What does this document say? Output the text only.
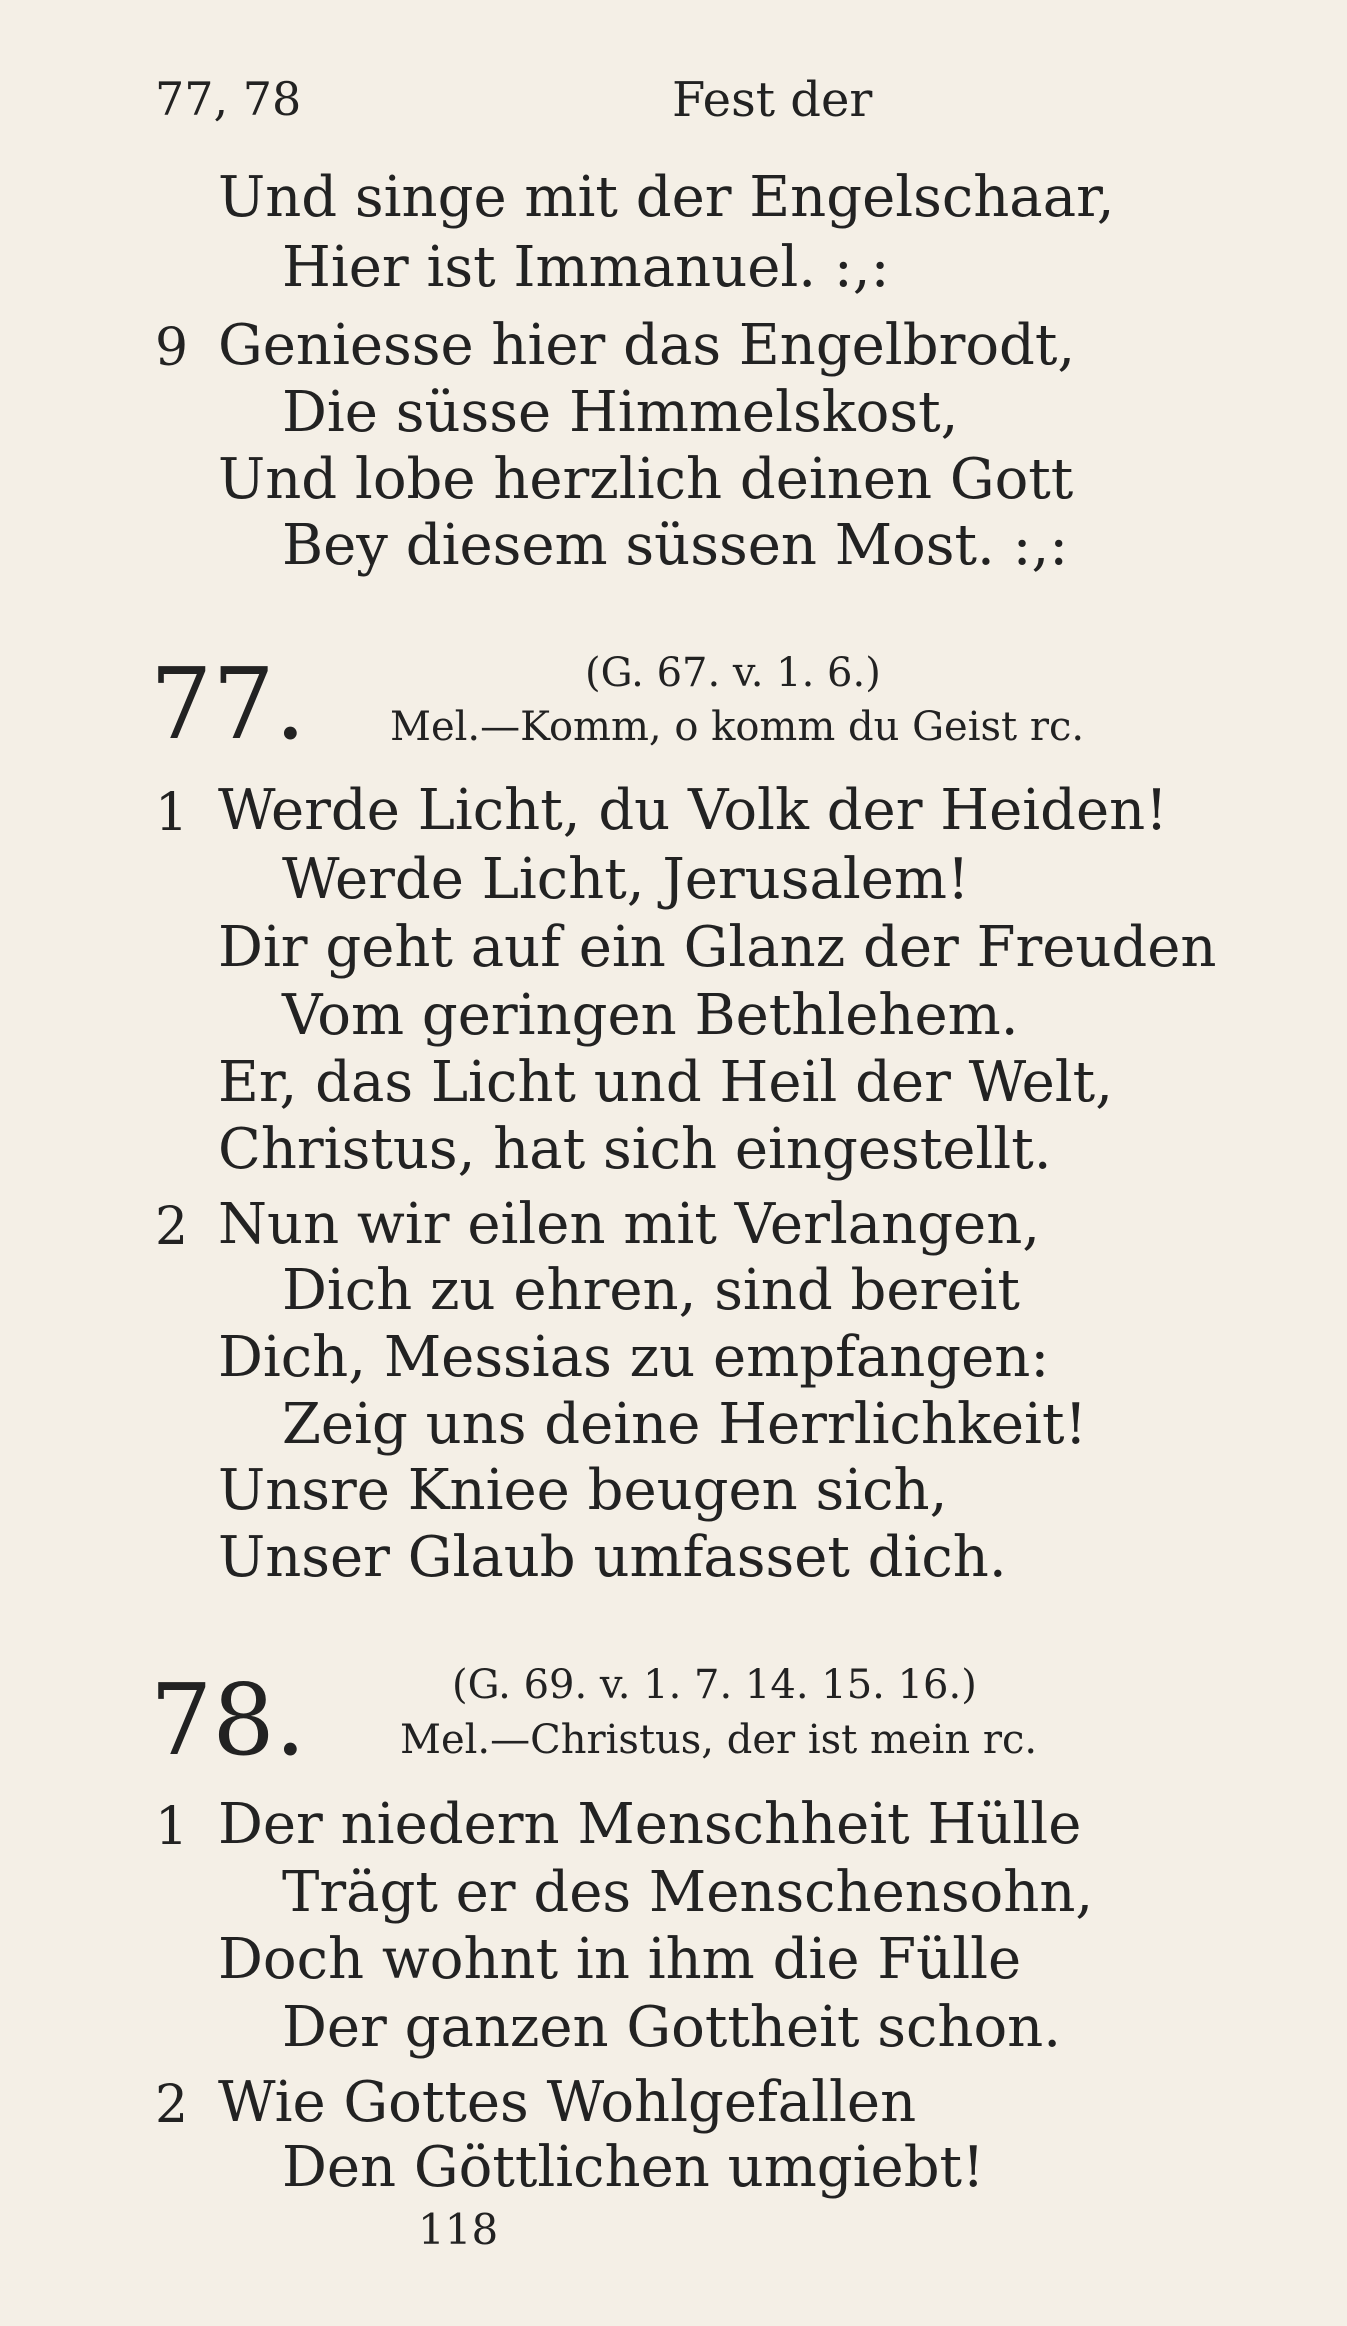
77, 78	Fest der
Und singe mit der Engelschaar,
Hier ist Immanuel. :,:
9 Geniesse hier das Engelbrodt,
Die süsse Himmelskost,
Und lobe herzlich deinen Gott
Bey diesem süssen Most. :,:
77.	(G. 67. v. 1. 6.)
Mel.—Komm, o komm du Geist rc.
1 Werde Licht, du Volk der Heiden!
Werde Licht, Jerusalem!
Dir geht auf ein Glanz der Freuden
Vom geringen Bethlehem.
Er, das Licht und Heil der Welt,
Christus, hat sich eingestellt.
2 Nun wir eilen mit Verlangen,
Dich zu ehren, sind bereit
Dich, Messias zu empfangen:
Zeig uns deine Herrlichkeit!
Unsre Kniee beugen sich,
Unser Glaub umfasset dich.
78.	(G. 69. v. 1. 7. 14. 15. 16.)
Mel.—Christus, der ist mein rc.
1 Der niedern Menschheit Hülle
Trägt er des Menschensohn,
Doch wohnt in ihm die Fülle
Der ganzen Gottheit schon.
2 Wie Gottes Wohlgefallen
Den Göttlichen umgiebt!
118
